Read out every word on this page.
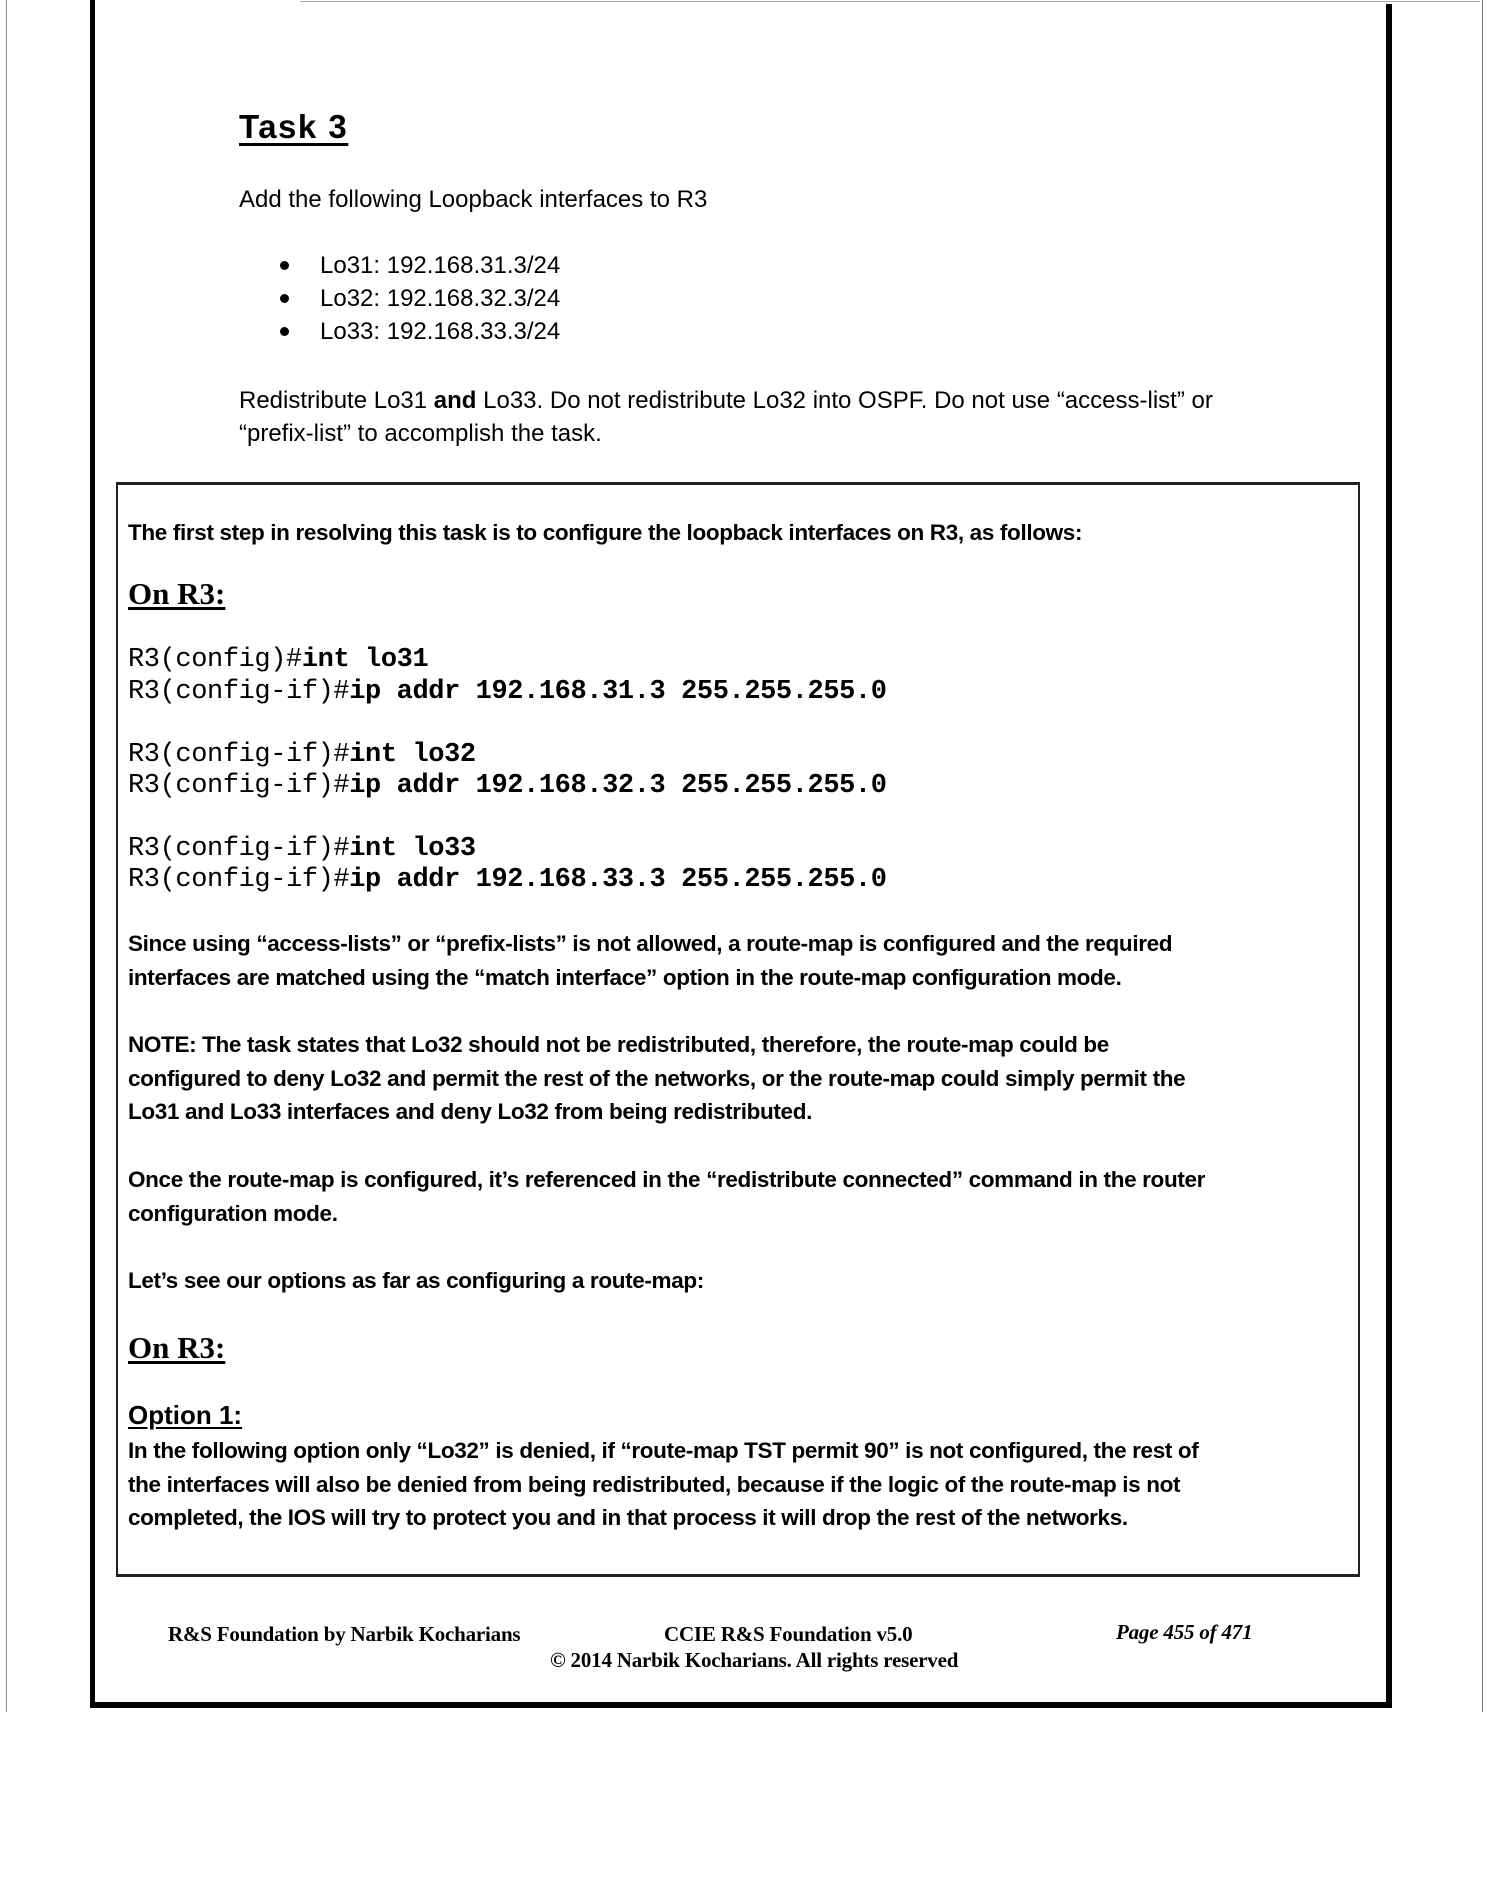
Task 3
Add the following Loopback interfaces to R3
Lo31: 192.168.31.3/24
Lo32: 192.168.32.3/24
Lo33: 192.168.33.3/24
Redistribute Lo31 and Lo33. Do not redistribute Lo32 into OSPF. Do not use “access-list” or
“prefix-list” to accomplish the task.
The first step in resolving this task is to configure the loopback interfaces on R3, as follows:
On R3:
R3(config)#int lo31
R3(config-if)#ip addr 192.168.31.3 255.255.255.0
R3(config-if)#int lo32
R3(config-if)#ip addr 192.168.32.3 255.255.255.0
R3(config-if)#int lo33
R3(config-if)#ip addr 192.168.33.3 255.255.255.0
Since using “access-lists” or “prefix-lists” is not allowed, a route-map is configured and the required
interfaces are matched using the “match interface” option in the route-map configuration mode.
NOTE: The task states that Lo32 should not be redistributed, therefore, the route-map could be
configured to deny Lo32 and permit the rest of the networks, or the route-map could simply permit the
Lo31 and Lo33 interfaces and deny Lo32 from being redistributed.
Once the route-map is configured, it’s referenced in the “redistribute connected” command in the router
configuration mode.
Let’s see our options as far as configuring a route-map:
On R3:
Option 1:
In the following option only “Lo32” is denied, if “route-map TST permit 90” is not configured, the rest of
the interfaces will also be denied from being redistributed, because if the logic of the route-map is not
completed, the IOS will try to protect you and in that process it will drop the rest of the networks.
R&S Foundation by Narbik Kocharians	CCIE R&S Foundation v5.0	Page 455 of 471
© 2014 Narbik Kocharians. All rights reserved
